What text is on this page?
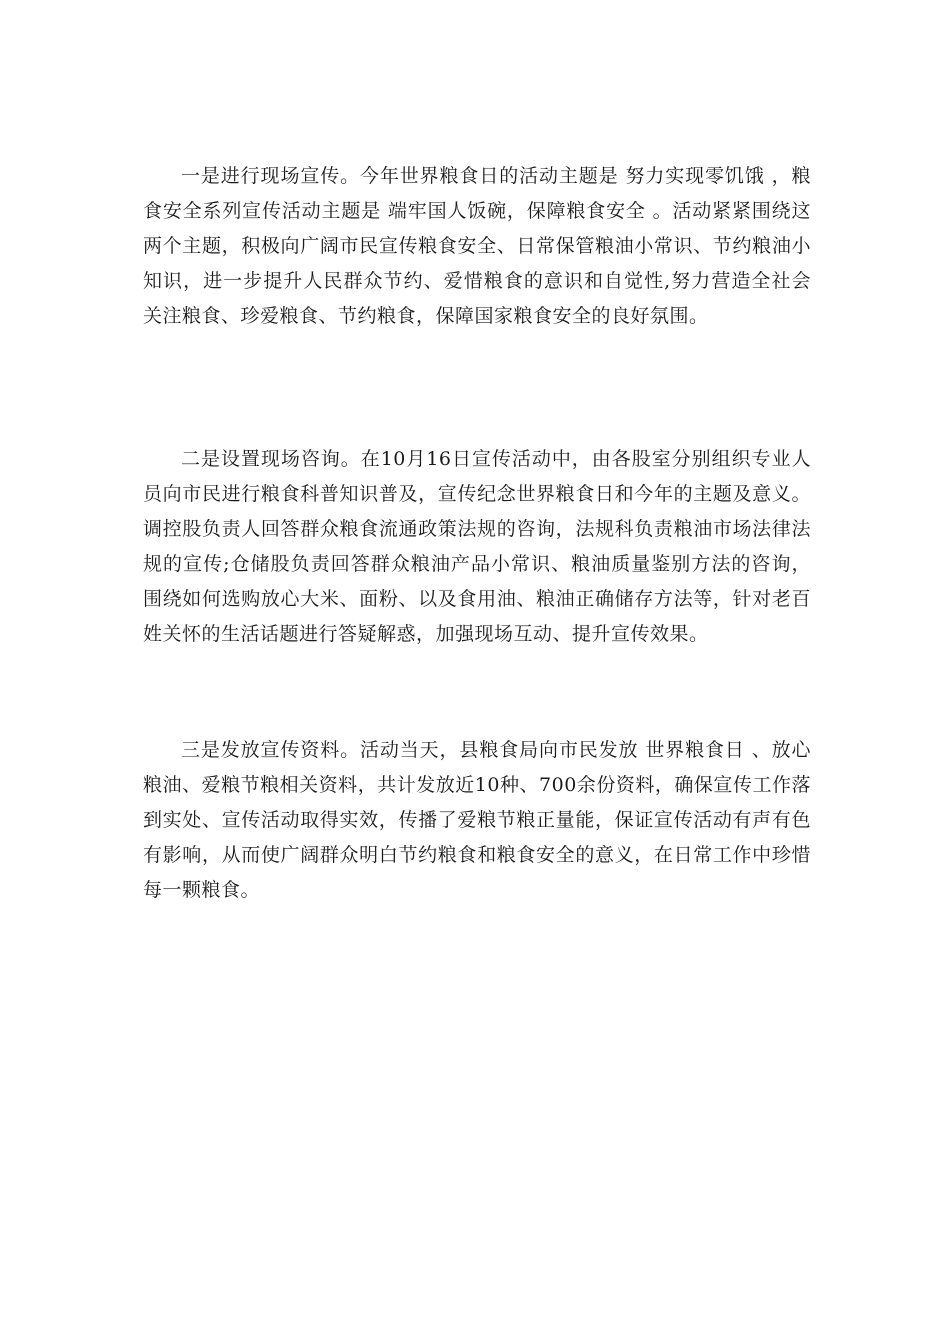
一是进行现场宣传。今年世界粮食日的活动主题是 努力实现零饥饿 ，粮食安全系列宣传活动主题是 端牢国人饭碗，保障粮食安全 。活动紧紧围绕这两个主题，积极向广阔市民宣传粮食安全、日常保管粮油小常识、节约粮油小知识，进一步提升人民群众节约、爱惜粮食的意识和自觉性,努力营造全社会关注粮食、珍爱粮食、节约粮食，保障国家粮食安全的良好氛围。

二是设置现场咨询。在10月16日宣传活动中，由各股室分别组织专业人员向市民进行粮食科普知识普及，宣传纪念世界粮食日和今年的主题及意义。调控股负责人回答群众粮食流通政策法规的咨询，法规科负责粮油市场法律法规的宣传;仓储股负责回答群众粮油产品小常识、粮油质量鉴别方法的咨询，围绕如何选购放心大米、面粉、以及食用油、粮油正确储存方法等，针对老百姓关怀的生活话题进行答疑解惑，加强现场互动、提升宣传效果。

三是发放宣传资料。活动当天，县粮食局向市民发放 世界粮食日 、放心粮油、爱粮节粮相关资料，共计发放近10种、700余份资料，确保宣传工作落到实处、宣传活动取得实效，传播了爱粮节粮正量能，保证宣传活动有声有色有影响，从而使广阔群众明白节约粮食和粮食安全的意义，在日常工作中珍惜每一颗粮食。
